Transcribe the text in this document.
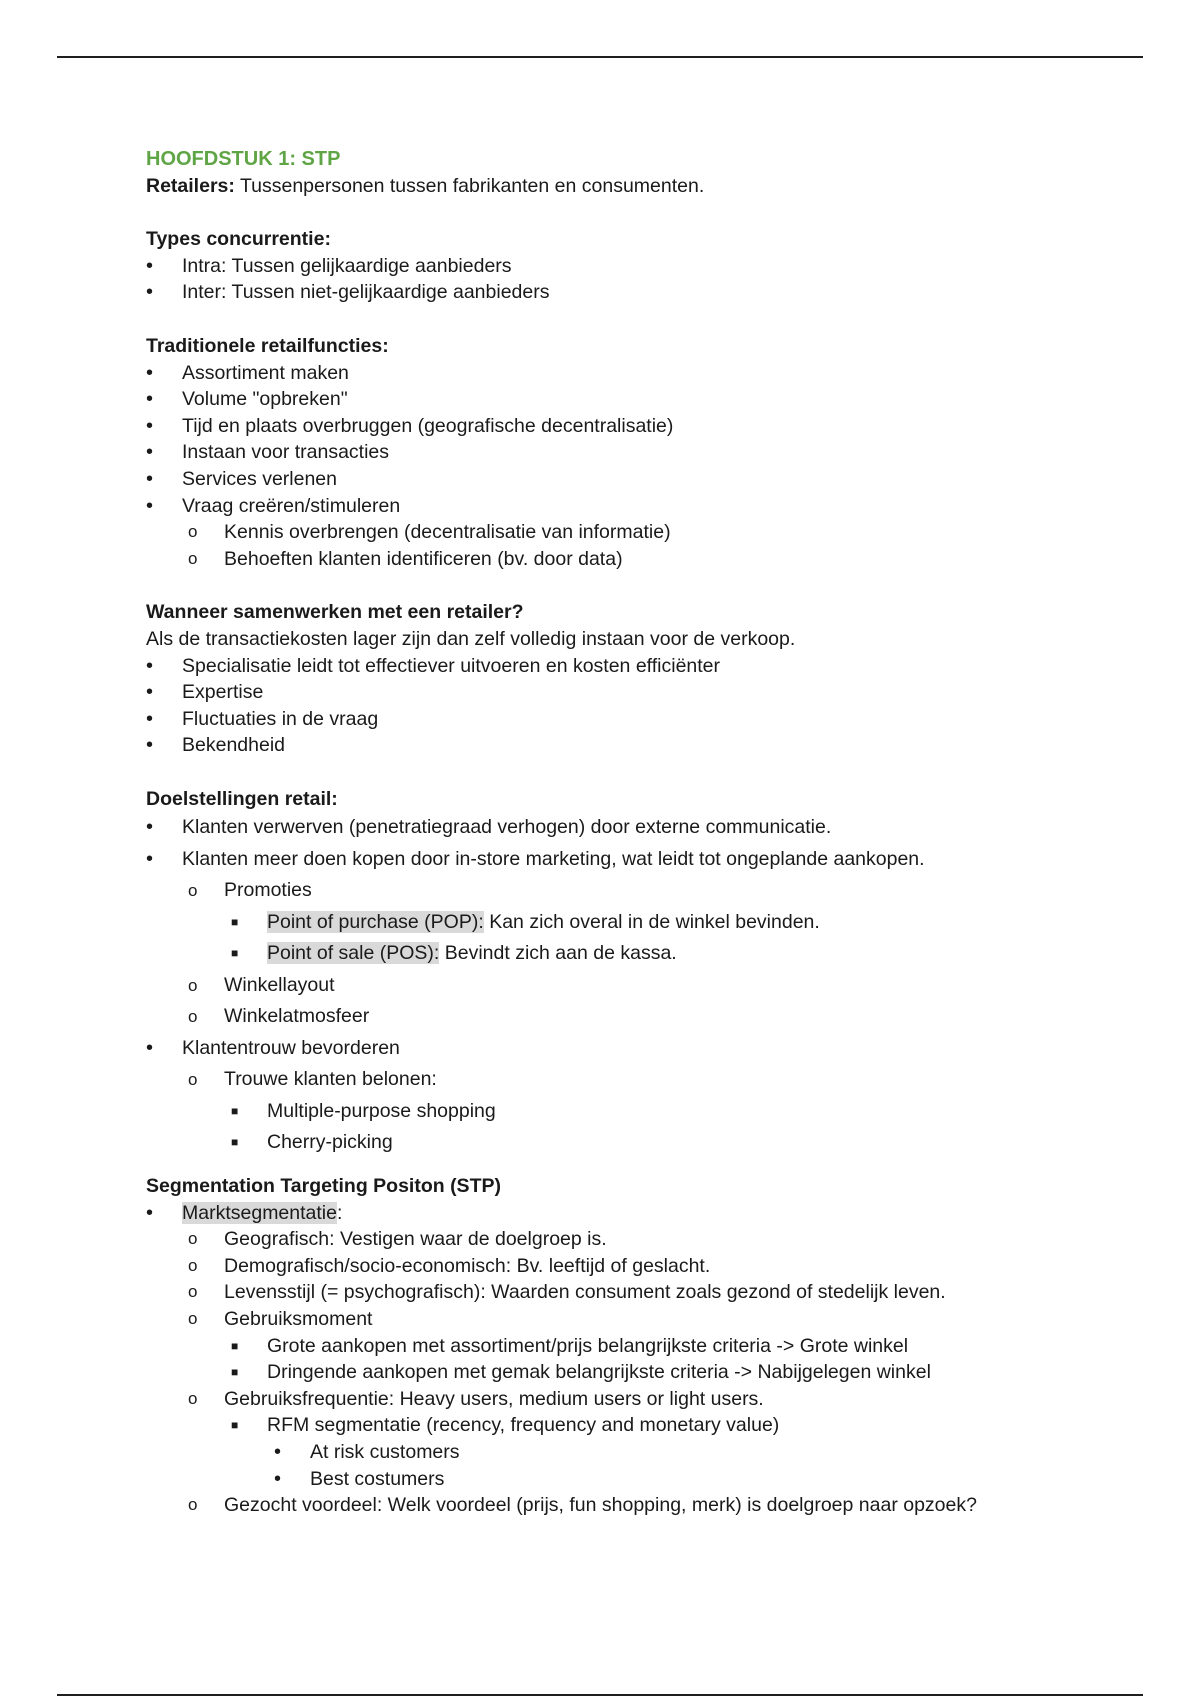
HOOFDSTUK 1: STP
Retailers: Tussenpersonen tussen fabrikanten en consumenten.
Types concurrentie:
• Intra: Tussen gelijkaardige aanbieders
• Inter: Tussen niet-gelijkaardige aanbieders
Traditionele retailfuncties:
• Assortiment maken
• Volume "opbreken"
• Tijd en plaats overbruggen (geografische decentralisatie)
• Instaan voor transacties
• Services verlenen
• Vraag creëren/stimuleren
o Kennis overbrengen (decentralisatie van informatie)
o Behoeften klanten identificeren (bv. door data)
Wanneer samenwerken met een retailer?
Als de transactiekosten lager zijn dan zelf volledig instaan voor de verkoop.
• Specialisatie leidt tot effectiever uitvoeren en kosten efficiënter
• Expertise
• Fluctuaties in de vraag
• Bekendheid
Doelstellingen retail:
• Klanten verwerven (penetratiegraad verhogen) door externe communicatie.
• Klanten meer doen kopen door in-store marketing, wat leidt tot ongeplande aankopen.
o Promoties
■ Point of purchase (POP): Kan zich overal in de winkel bevinden.
■ Point of sale (POS): Bevindt zich aan de kassa.
o Winkellayout
o Winkelatmosfeer
• Klantentrouw bevorderen
o Trouwe klanten belonen:
■ Multiple-purpose shopping
■ Cherry-picking
Segmentation Targeting Positon (STP)
• Marktsegmentatie:
o Geografisch: Vestigen waar de doelgroep is.
o Demografisch/socio-economisch: Bv. leeftijd of geslacht.
o Levensstijl (= psychografisch): Waarden consument zoals gezond of stedelijk leven.
o Gebruiksmoment
■ Grote aankopen met assortiment/prijs belangrijkste criteria -> Grote winkel
■ Dringende aankopen met gemak belangrijkste criteria -> Nabijgelegen winkel
o Gebruiksfrequentie: Heavy users, medium users or light users.
■ RFM segmentatie (recency, frequency and monetary value)
• At risk customers
• Best costumers
o Gezocht voordeel: Welk voordeel (prijs, fun shopping, merk) is doelgroep naar opzoek?
